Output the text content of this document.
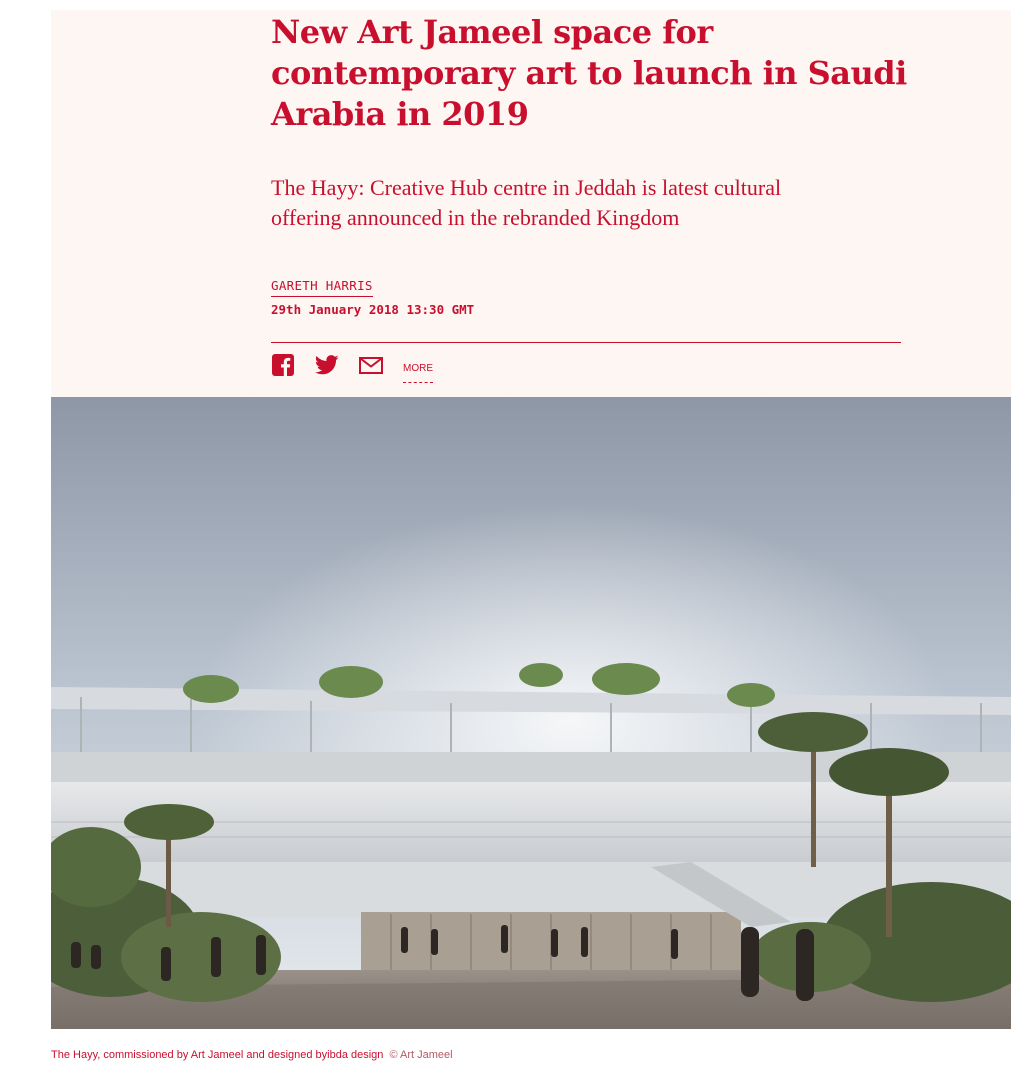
New Art Jameel space for contemporary art to launch in Saudi Arabia in 2019

The Hayy: Creative Hub centre in Jeddah is latest cultural offering announced in the rebranded Kingdom

GARETH HARRIS
29th January 2018 13:30 GMT
MORE
The Hayy, commissioned by Art Jameel and designed byibda design © Art Jameel
